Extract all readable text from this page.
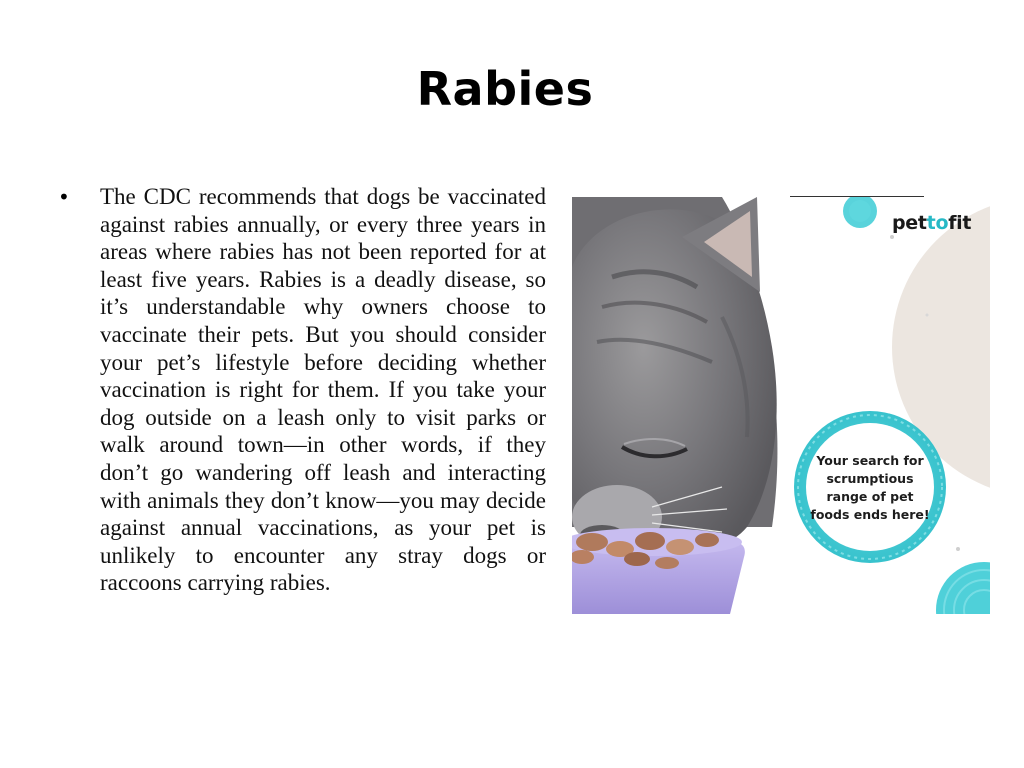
Rabies
• The CDC recommends that dogs be vaccinated against rabies annually, or every three years in areas where rabies has not been reported for at least five years. Rabies is a deadly disease, so it’s understandable why owners choose to vaccinate their pets. But you should consider your pet’s lifestyle before deciding whether vaccination is right for them. If you take your dog outside on a leash only to visit parks or walk around town—in other words, if they don’t go wandering off leash and interacting with animals they don’t know—you may decide against annual vaccinations, as your pet is unlikely to encounter any stray dogs or raccoons carrying rabies.
pettofit
Your search for scrumptious range of pet foods ends here!
